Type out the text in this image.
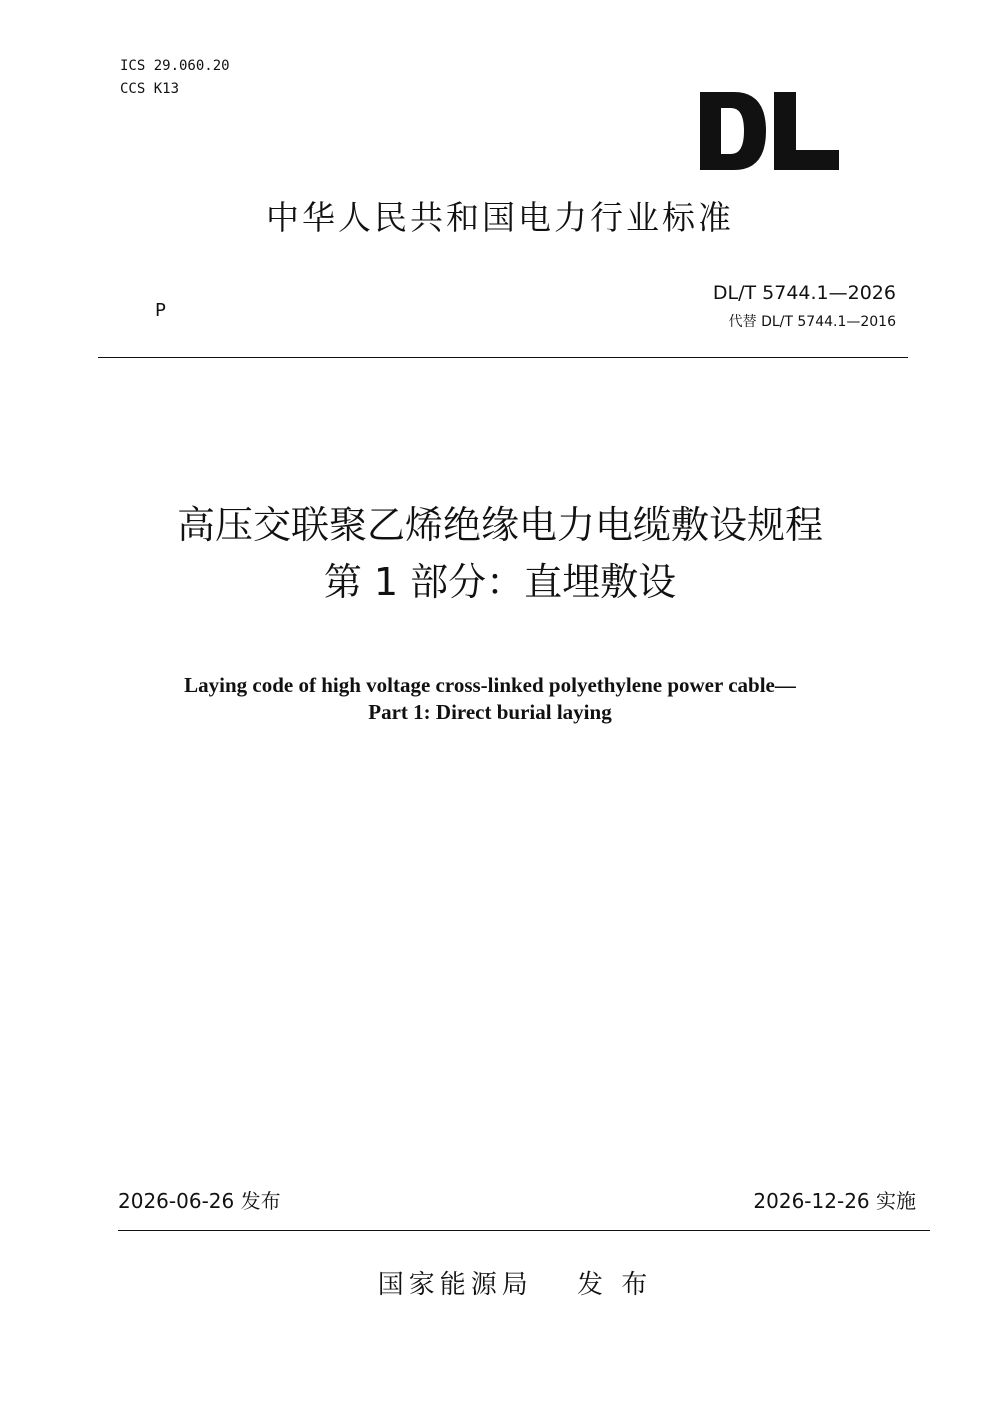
ICS 29.060.20
CCS K13
中华人民共和国电力行业标准
P
DL/T 5744.1—2026
代替 DL/T 5744.1—2016
高压交联聚乙烯绝缘电力电缆敷设规程
第 1 部分：直埋敷设
Laying code of high voltage cross-linked polyethylene power cable—
Part 1: Direct burial laying
2026-06-26 发布	2026-12-26 实施
国家能源局　 发 布
